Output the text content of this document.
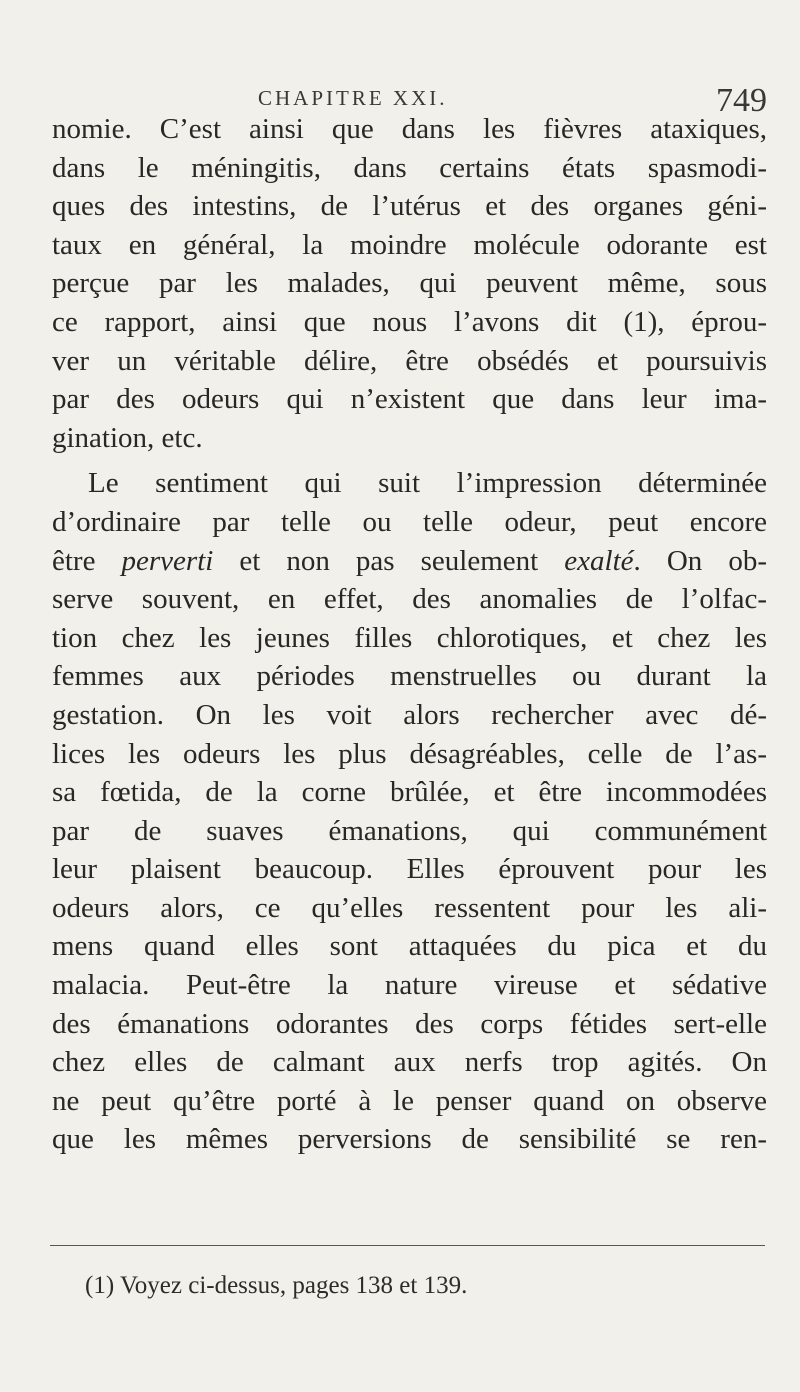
CHAPITRE XXI.	749
nomie. C’est ainsi que dans les fièvres ataxiques,
dans le méningitis, dans certains états spasmodi-
ques des intestins, de l’utérus et des organes géni-
taux en général, la moindre molécule odorante est
perçue par les malades, qui peuvent même, sous
ce rapport, ainsi que nous l’avons dit (1), éprou-
ver un véritable délire, être obsédés et poursuivis
par des odeurs qui n’existent que dans leur ima-
gination, etc.
Le sentiment qui suit l’impression déterminée
d’ordinaire par telle ou telle odeur, peut encore
être perverti et non pas seulement exalté. On ob-
serve souvent, en effet, des anomalies de l’olfac-
tion chez les jeunes filles chlorotiques, et chez les
femmes aux périodes menstruelles ou durant la
gestation. On les voit alors rechercher avec dé-
lices les odeurs les plus désagréables, celle de l’as-
sa fœtida, de la corne brûlée, et être incommodées
par de suaves émanations, qui communément
leur plaisent beaucoup. Elles éprouvent pour les
odeurs alors, ce qu’elles ressentent pour les ali-
mens quand elles sont attaquées du pica et du
malacia. Peut-être la nature vireuse et sédative
des émanations odorantes des corps fétides sert-elle
chez elles de calmant aux nerfs trop agités. On
ne peut qu’être porté à le penser quand on observe
que les mêmes perversions de sensibilité se ren-
(1) Voyez ci-dessus, pages 138 et 139.
